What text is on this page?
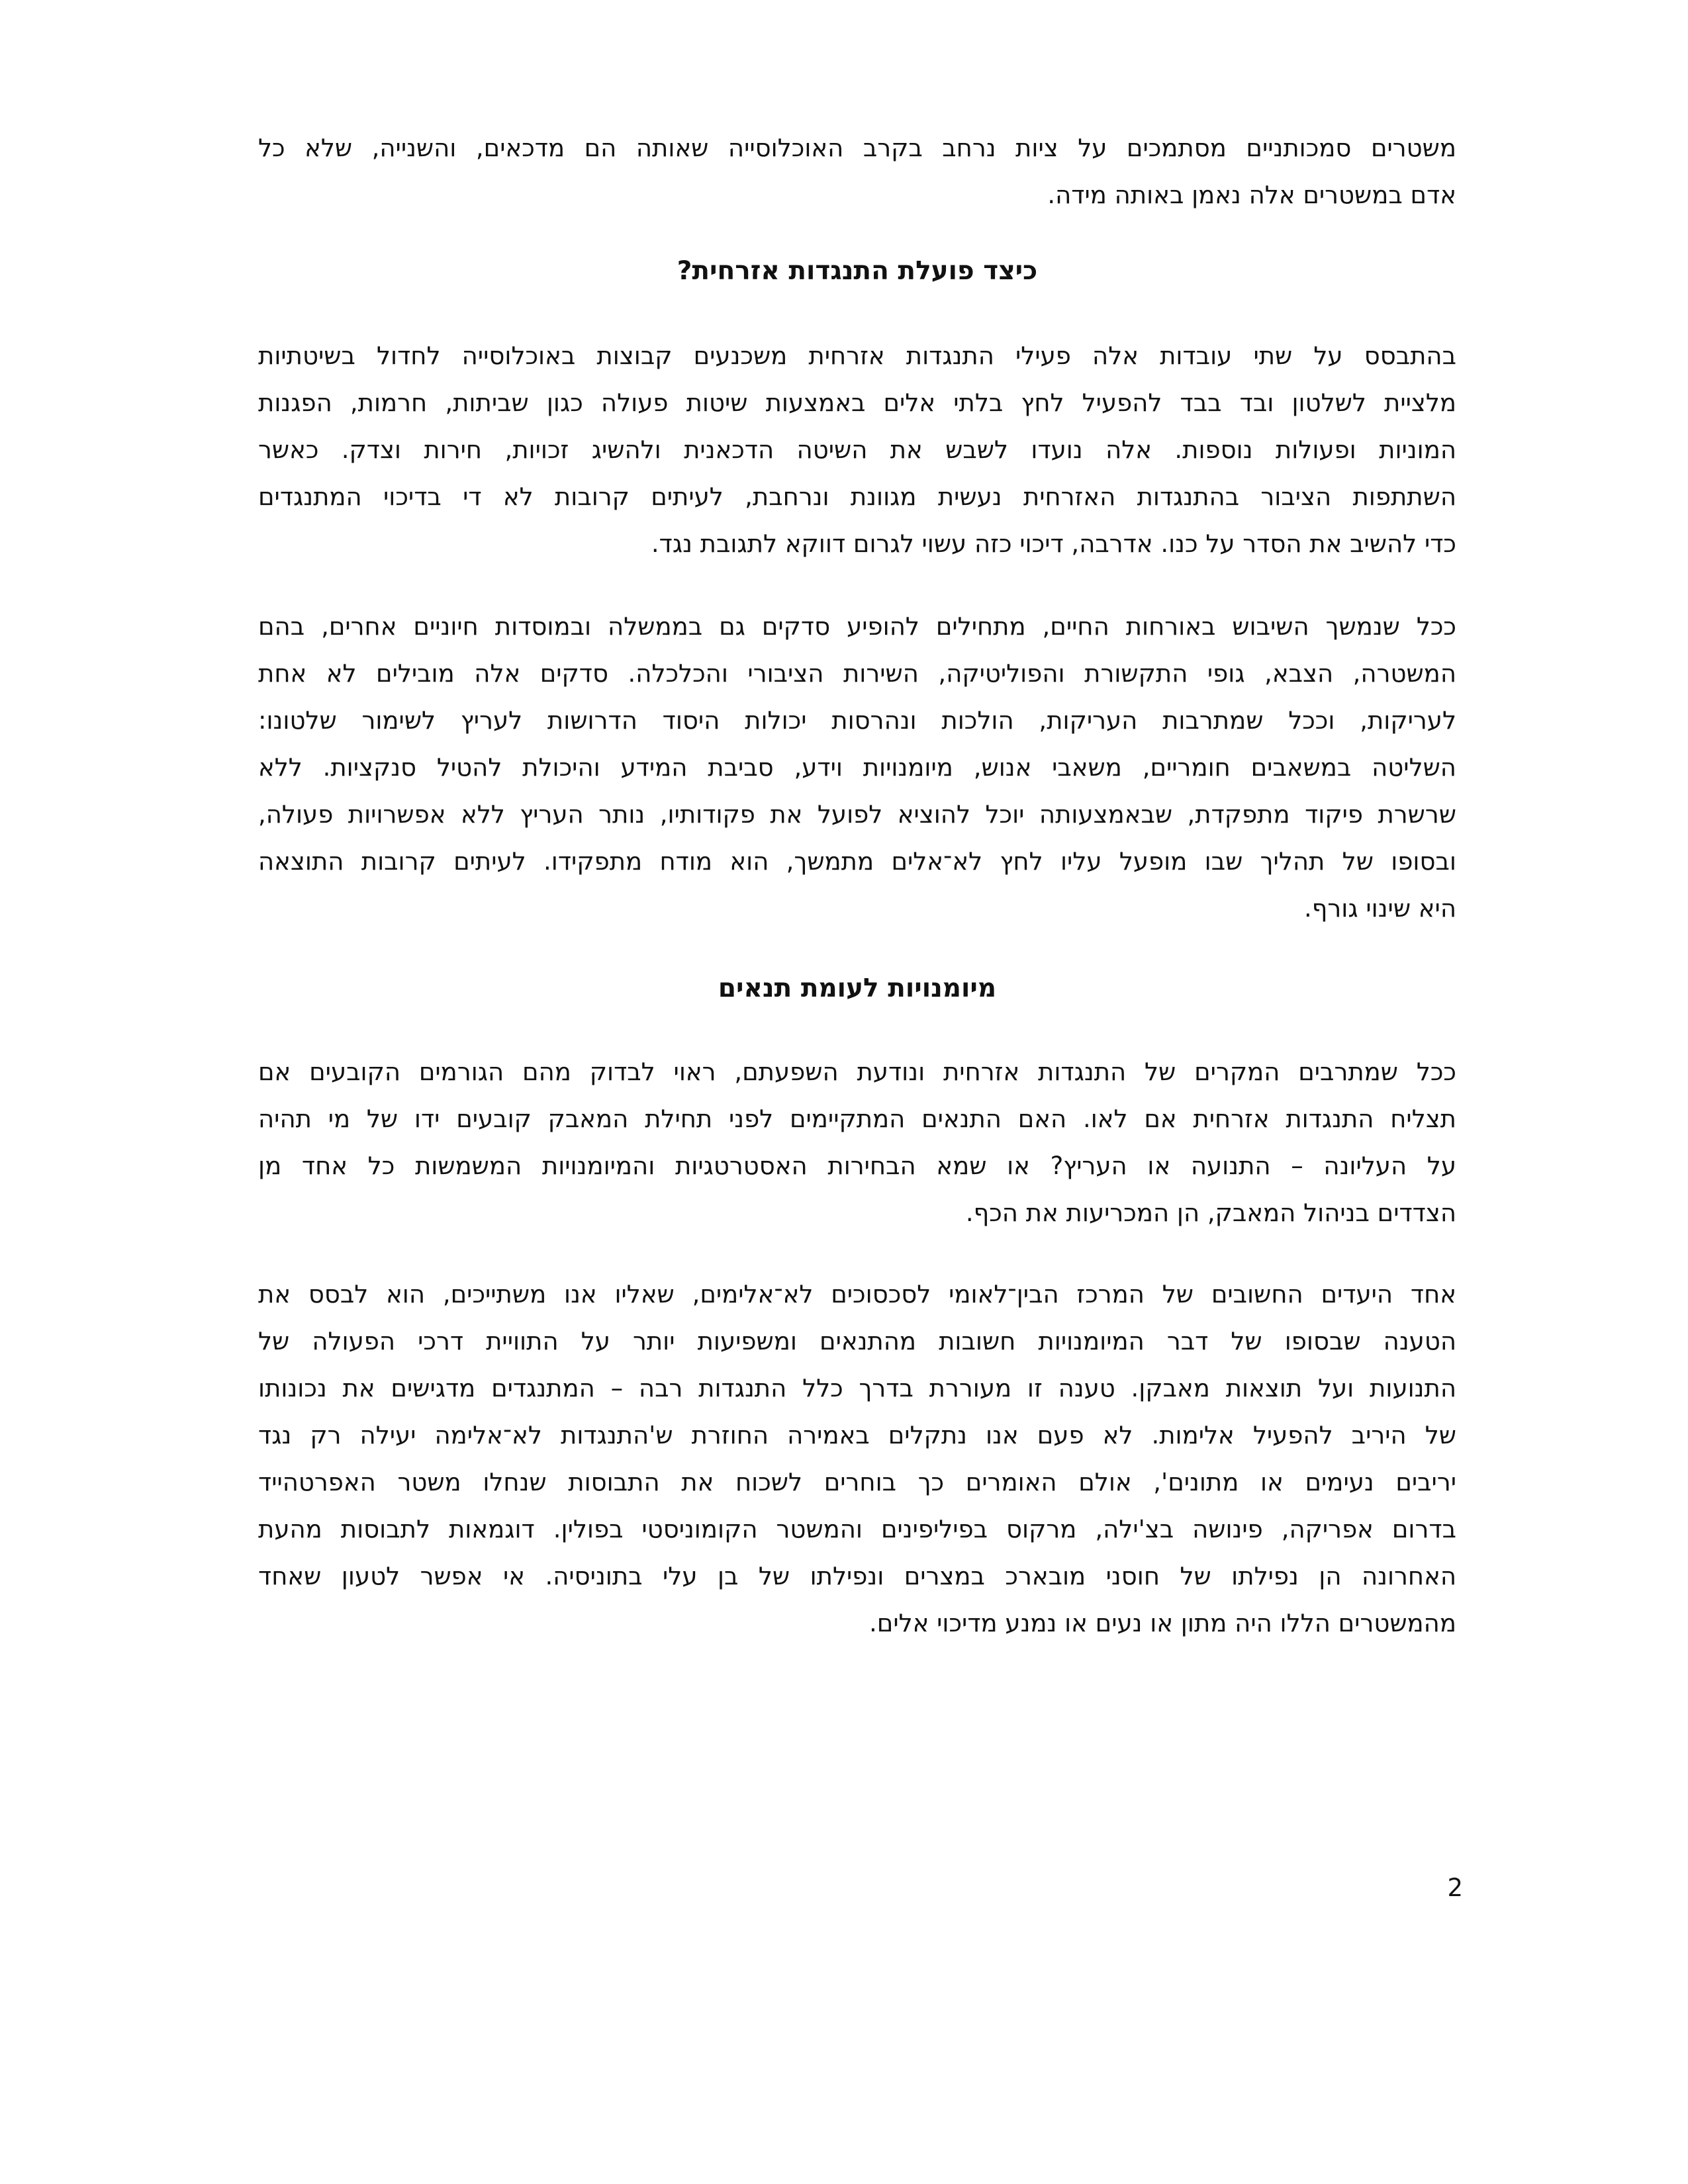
משטרים סמכותניים מסתמכים על ציות נרחב בקרב האוכלוסייה שאותה הם מדכאים, והשנייה, שלא כל
אדם במשטרים אלה נאמן באותה מידה.

כיצד פועלת התנגדות אזרחית?

בהתבסס על שתי עובדות אלה פעילי התנגדות אזרחית משכנעים קבוצות באוכלוסייה לחדול בשיטתיות
מלציית לשלטון ובד בבד להפעיל לחץ בלתי אלים באמצעות שיטות פעולה כגון שביתות, חרמות, הפגנות
המוניות ופעולות נוספות. אלה נועדו לשבש את השיטה הדכאנית ולהשיג זכויות, חירות וצדק. כאשר
השתתפות הציבור בהתנגדות האזרחית נעשית מגוונת ונרחבת, לעיתים קרובות לא די בדיכוי המתנגדים
כדי להשיב את הסדר על כנו. אדרבה, דיכוי כזה עשוי לגרום דווקא לתגובת נגד.

ככל שנמשך השיבוש באורחות החיים, מתחילים להופיע סדקים גם בממשלה ובמוסדות חיוניים אחרים, בהם
המשטרה, הצבא, גופי התקשורת והפוליטיקה, השירות הציבורי והכלכלה. סדקים אלה מובילים לא אחת
לעריקות, וככל שמתרבות העריקות, הולכות ונהרסות יכולות היסוד הדרושות לעריץ לשימור שלטונו:
השליטה במשאבים חומריים, משאבי אנוש, מיומנויות וידע, סביבת המידע והיכולת להטיל סנקציות. ללא
שרשרת פיקוד מתפקדת, שבאמצעותה יוכל להוציא לפועל את פקודותיו, נותר העריץ ללא אפשרויות פעולה,
ובסופו של תהליך שבו מופעל עליו לחץ לא־אלים מתמשך, הוא מודח מתפקידו. לעיתים קרובות התוצאה
היא שינוי גורף.

מיומנויות לעומת תנאים

ככל שמתרבים המקרים של התנגדות אזרחית ונודעת השפעתם, ראוי לבדוק מהם הגורמים הקובעים אם
תצליח התנגדות אזרחית אם לאו. האם התנאים המתקיימים לפני תחילת המאבק קובעים ידו של מי תהיה
על העליונה – התנועה או העריץ? או שמא הבחירות האסטרטגיות והמיומנויות המשמשות כל אחד מן
הצדדים בניהול המאבק, הן המכריעות את הכף.

אחד היעדים החשובים של המרכז הבין־לאומי לסכסוכים לא־אלימים, שאליו אנו משתייכים, הוא לבסס את
הטענה שבסופו של דבר המיומנויות חשובות מהתנאים ומשפיעות יותר על התוויית דרכי הפעולה של
התנועות ועל תוצאות מאבקן. טענה זו מעוררת בדרך כלל התנגדות רבה – המתנגדים מדגישים את נכונותו
של היריב להפעיל אלימות. לא פעם אנו נתקלים באמירה החוזרת ש'התנגדות לא־אלימה יעילה רק נגד
יריבים נעימים או מתונים', אולם האומרים כך בוחרים לשכוח את התבוסות שנחלו משטר האפרטהייד
בדרום אפריקה, פינושה בצ'ילה, מרקוס בפיליפינים והמשטר הקומוניסטי בפולין. דוגמאות לתבוסות מהעת
האחרונה הן נפילתו של חוסני מובארכ במצרים ונפילתו של בן עלי בתוניסיה. אי אפשר לטעון שאחד
מהמשטרים הללו היה מתון או נעים או נמנע מדיכוי אלים.

2
